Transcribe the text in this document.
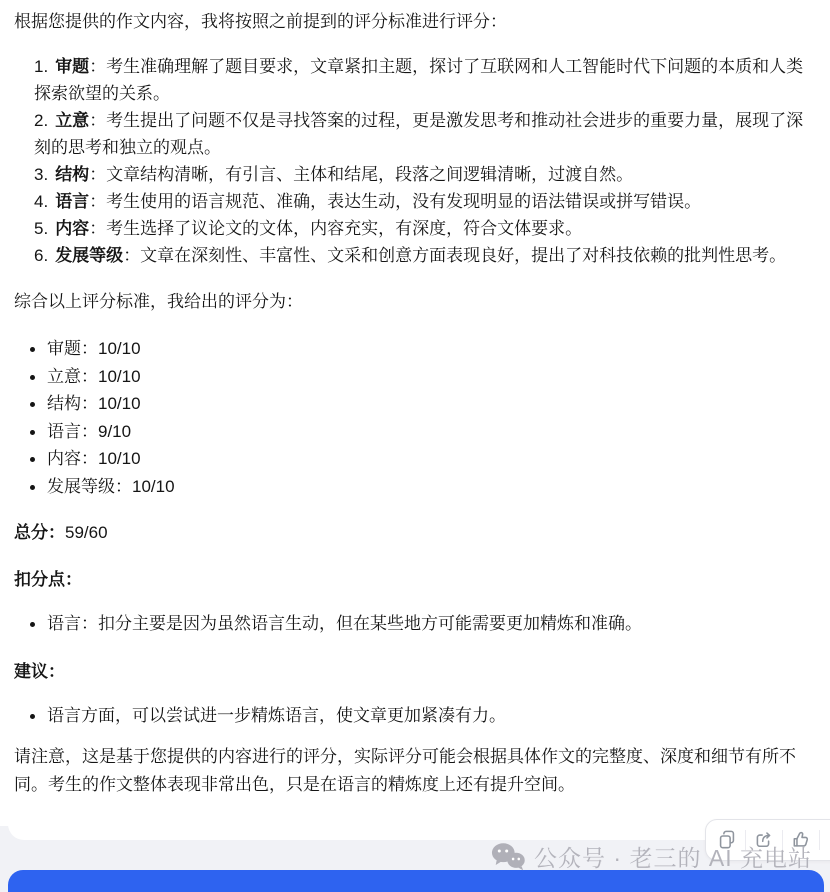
根据您提供的作文内容，我将按照之前提到的评分标准进行评分：

1. 审题：考生准确理解了题目要求，文章紧扣主题，探讨了互联网和人工智能时代下问题的本质和人类探索欲望的关系。
2. 立意：考生提出了问题不仅是寻找答案的过程，更是激发思考和推动社会进步的重要力量，展现了深刻的思考和独立的观点。
3. 结构：文章结构清晰，有引言、主体和结尾，段落之间逻辑清晰，过渡自然。
4. 语言：考生使用的语言规范、准确，表达生动，没有发现明显的语法错误或拼写错误。
5. 内容：考生选择了议论文的文体，内容充实，有深度，符合文体要求。
6. 发展等级：文章在深刻性、丰富性、文采和创意方面表现良好，提出了对科技依赖的批判性思考。

综合以上评分标准，我给出的评分为：

审题：10/10
立意：10/10
结构：10/10
语言：9/10
内容：10/10
发展等级：10/10

总分：59/60

扣分点：

语言：扣分主要是因为虽然语言生动，但在某些地方可能需要更加精炼和准确。

建议：

语言方面，可以尝试进一步精炼语言，使文章更加紧凑有力。

请注意，这是基于您提供的内容进行的评分，实际评分可能会根据具体作文的完整度、深度和细节有所不同。考生的作文整体表现非常出色，只是在语言的精炼度上还有提升空间。

公众号 · 老三的 AI 充电站
